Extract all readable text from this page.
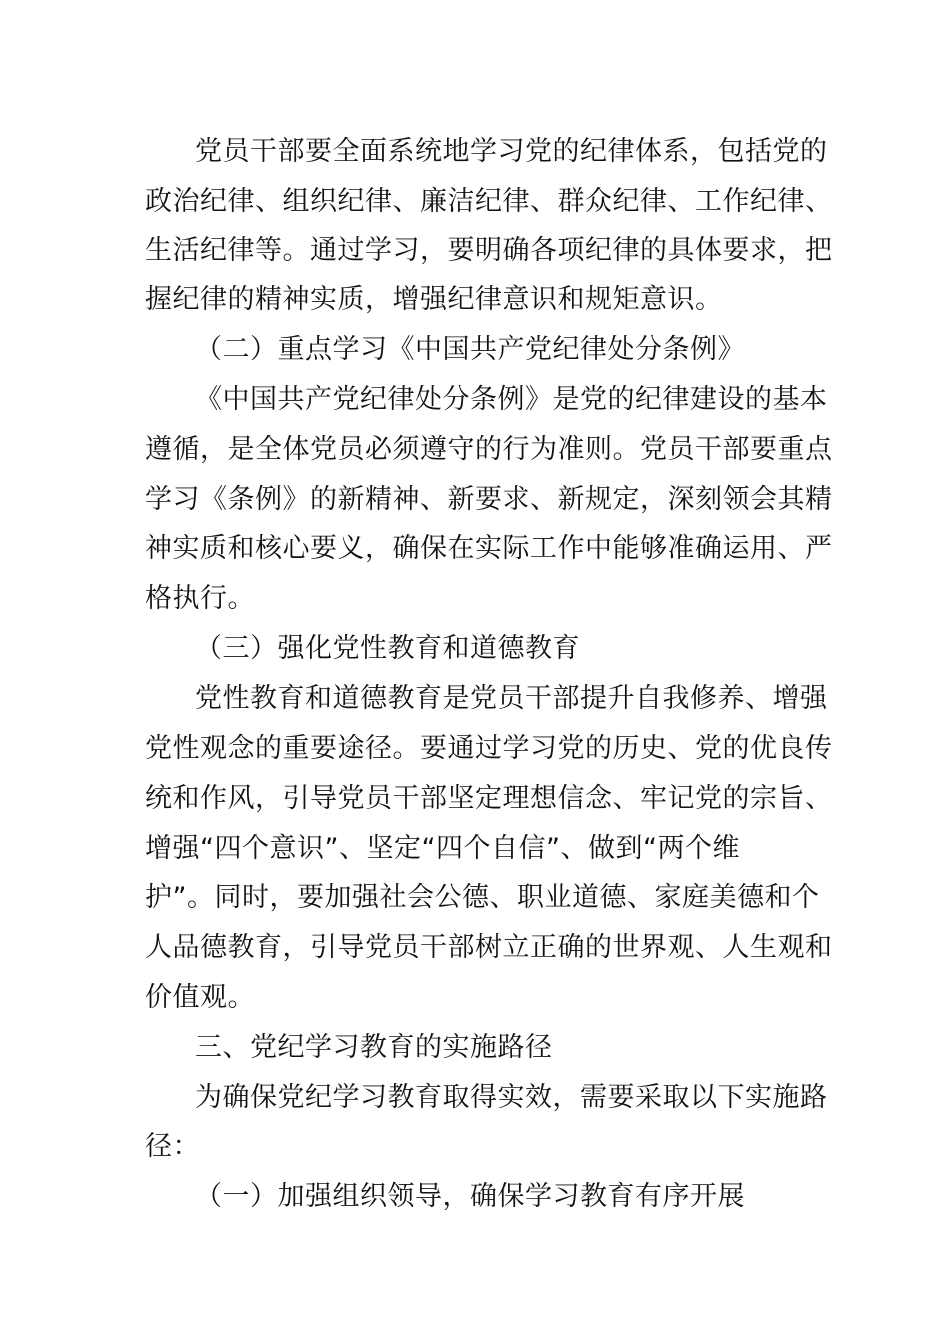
党员干部要全面系统地学习党的纪律体系，包括党的
政治纪律、组织纪律、廉洁纪律、群众纪律、工作纪律、
生活纪律等。通过学习，要明确各项纪律的具体要求，把
握纪律的精神实质，增强纪律意识和规矩意识。
（二）重点学习《中国共产党纪律处分条例》
《中国共产党纪律处分条例》是党的纪律建设的基本
遵循，是全体党员必须遵守的行为准则。党员干部要重点
学习《条例》的新精神、新要求、新规定，深刻领会其精
神实质和核心要义，确保在实际工作中能够准确运用、严
格执行。
（三）强化党性教育和道德教育
党性教育和道德教育是党员干部提升自我修养、增强
党性观念的重要途径。要通过学习党的历史、党的优良传
统和作风，引导党员干部坚定理想信念、牢记党的宗旨、
增强“四个意识”、坚定“四个自信”、做到“两个维
护”。同时，要加强社会公德、职业道德、家庭美德和个
人品德教育，引导党员干部树立正确的世界观、人生观和
价值观。
三、党纪学习教育的实施路径
为确保党纪学习教育取得实效，需要采取以下实施路
径：
（一）加强组织领导，确保学习教育有序开展
